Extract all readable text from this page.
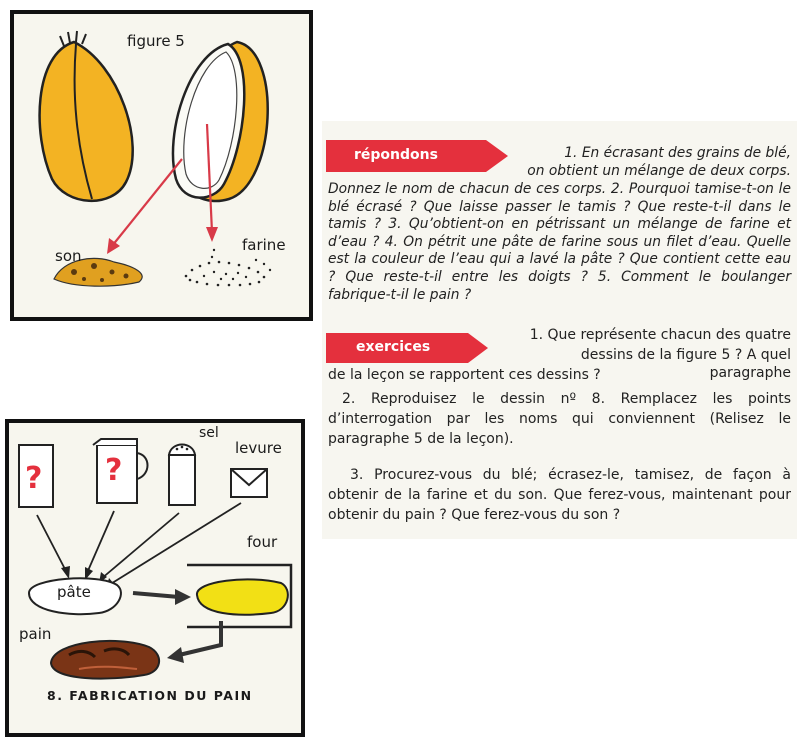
figure 5
son
farine
? ?
sel
levure
four
pâte
pain
8. FABRICATION DU PAIN
répondons	1. En écrasant des grains de blé,
on obtient un mélange de deux corps.
Donnez le nom de chacun de ces corps. 2. Pourquoi tamise-t-on le blé écrasé ? Que laisse passer le tamis ? Que reste-t-il dans le tamis ? 3. Qu’obtient-on en pétrissant un mélange de farine et d’eau ? 4. On pétrit une pâte de farine sous un filet d’eau. Quelle est la couleur de l’eau qui a lavé la pâte ? Que contient cette eau ? Que reste-t-il entre les doigts ? 5. Comment le boulanger fabrique-t-il le pain ?
exercices
1. Que représente chacun des quatre
dessins de la figure 5 ? A quel paragraphe
de la leçon se rapportent ces dessins ?
2. Reproduisez le dessin nº 8. Remplacez les points d’interrogation par les noms qui conviennent (Relisez le paragraphe 5 de la leçon).
3. Procurez-vous du blé; écrasez-le, tamisez, de façon à obtenir de la farine et du son. Que ferez-vous, maintenant pour obtenir du pain ? Que ferez-vous du son ?
